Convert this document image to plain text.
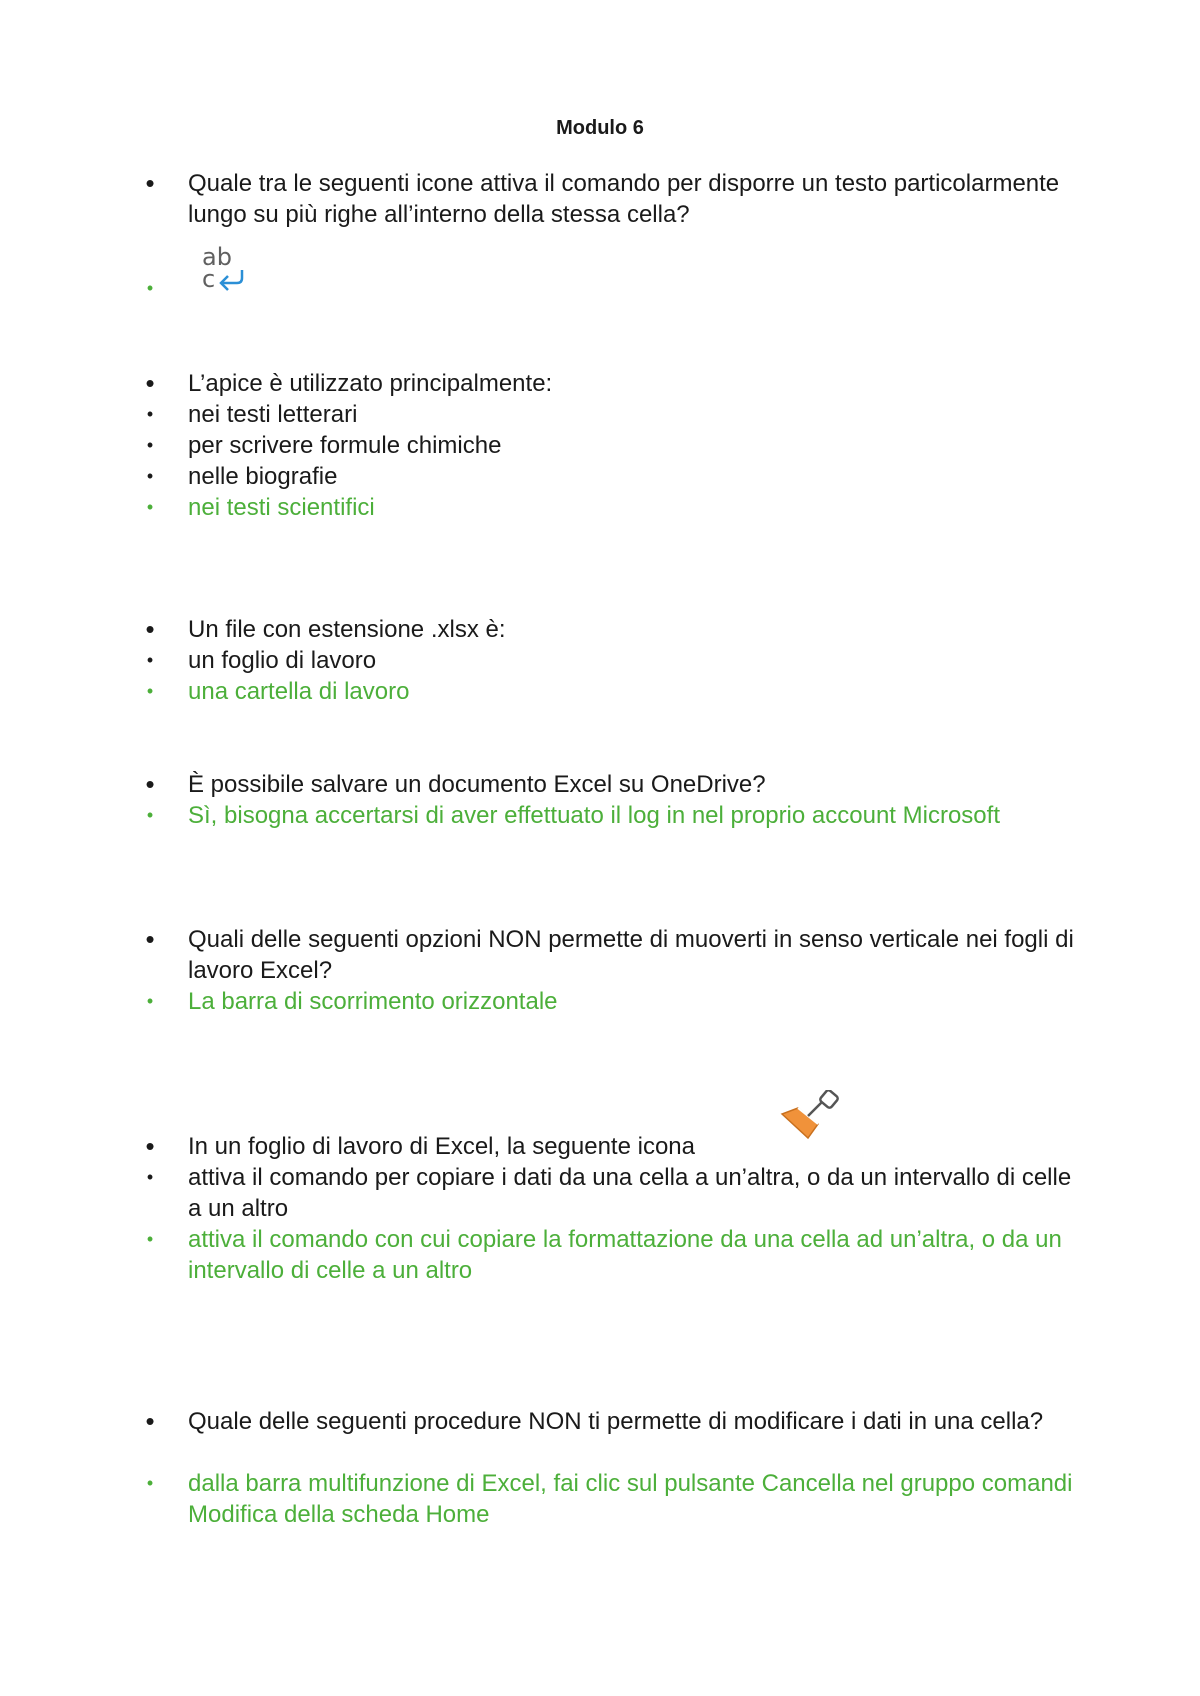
Modulo 6
• Quale tra le seguenti icone attiva il comando per disporre un testo particolarmente lungo su più righe all’interno della stessa cella?
•
ab
c
• L’apice è utilizzato principalmente:
• nei testi letterari
• per scrivere formule chimiche
• nelle biografie
• nei testi scientifici
• Un file con estensione .xlsx è:
• un foglio di lavoro
• una cartella di lavoro
• È possibile salvare un documento Excel su OneDrive?
• Sì, bisogna accertarsi di aver effettuato il log in nel proprio account Microsoft
• Quali delle seguenti opzioni NON permette di muoverti in senso verticale nei fogli di lavoro Excel?
• La barra di scorrimento orizzontale
• In un foglio di lavoro di Excel, la seguente icona
• attiva il comando per copiare i dati da una cella a un’altra, o da un intervallo di celle a un altro
• attiva il comando con cui copiare la formattazione da una cella ad un’altra, o da un intervallo di celle a un altro
• Quale delle seguenti procedure NON ti permette di modificare i dati in una cella?
• dalla barra multifunzione di Excel, fai clic sul pulsante Cancella nel gruppo comandi Modifica della scheda Home
